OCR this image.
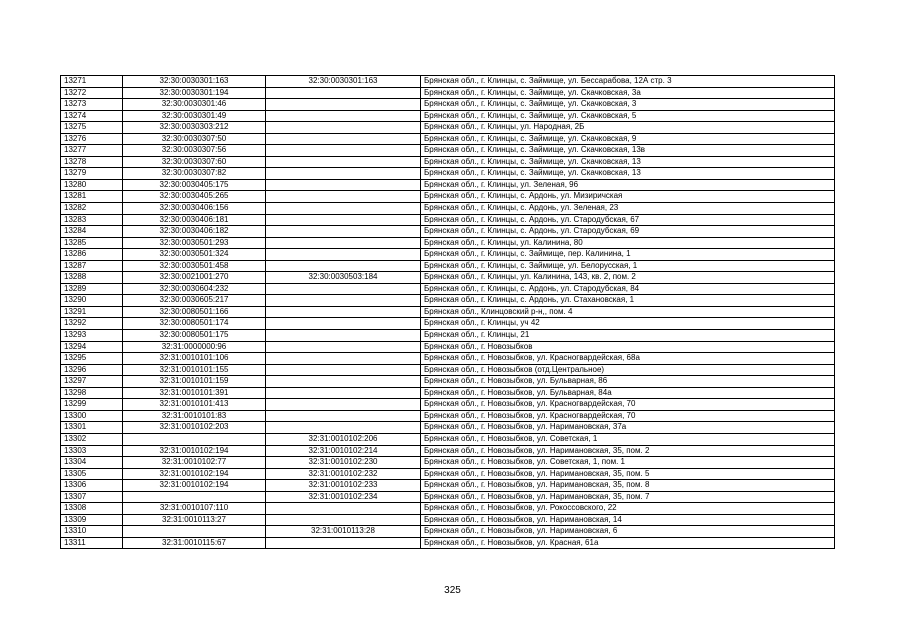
13271	32:30:0030301:163	32:30:0030301:163	Брянская обл., г. Клинцы, с. Займище, ул. Бессарабова, 12А стр. 3
13272	32:30:0030301:194		Брянская обл., г. Клинцы, с. Займище, ул. Скачковская, 3а
13273	32:30:0030301:46		Брянская обл., г. Клинцы, с. Займище, ул. Скачковская, 3
13274	32:30:0030301:49		Брянская обл., г. Клинцы, с. Займище, ул. Скачковская, 5
13275	32:30:0030303:212		Брянская обл., г. Клинцы, ул. Народная, 2Б
13276	32:30:0030307:50		Брянская обл., г. Клинцы, с. Займище, ул. Скачковская, 9
13277	32:30:0030307:56		Брянская обл., г. Клинцы, с. Займище, ул. Скачковская, 13в
13278	32:30:0030307:60		Брянская обл., г. Клинцы, с. Займище, ул. Скачковская, 13
13279	32:30:0030307:82		Брянская обл., г. Клинцы, с. Займище, ул. Скачковская, 13
13280	32:30:0030405:175		Брянская обл., г. Клинцы, ул. Зеленая, 96
13281	32:30:0030405:265		Брянская обл., г. Клинцы, с. Ардонь, ул. Мизиричская
13282	32:30:0030406:156		Брянская обл., г. Клинцы, с. Ардонь, ул. Зеленая, 23
13283	32:30:0030406:181		Брянская обл., г. Клинцы, с. Ардонь, ул. Стародубская, 67
13284	32:30:0030406:182		Брянская обл., г. Клинцы, с. Ардонь, ул. Стародубская, 69
13285	32:30:0030501:293		Брянская обл., г. Клинцы, ул. Калинина, 80
13286	32:30:0030501:324		Брянская обл., г. Клинцы, с. Займище, пер. Калинина, 1
13287	32:30:0030501:458		Брянская обл., г. Клинцы, с. Займище, ул. Белорусская, 1
13288	32:30:0021001:270	32:30:0030503:184	Брянская обл., г. Клинцы, ул. Калинина, 143, кв. 2, пом. 2
13289	32:30:0030604:232		Брянская обл., г. Клинцы, с. Ардонь, ул. Стародубская, 84
13290	32:30:0030605:217		Брянская обл., г. Клинцы, с. Ардонь, ул. Стахановская, 1
13291	32:30:0080501:166		Брянская обл., Клинцовский р-н,, пом. 4
13292	32:30:0080501:174		Брянская обл., г. Клинцы, уч 42
13293	32:30:0080501:175		Брянская обл., г. Клинцы, 21
13294	32:31:0000000:96		Брянская обл., г. Новозыбков
13295	32:31:0010101:106		Брянская обл., г. Новозыбков, ул. Красногвардейская, 68а
13296	32:31:0010101:155		Брянская обл., г. Новозыбков (отд.Центральное)
13297	32:31:0010101:159		Брянская обл., г. Новозыбков, ул. Бульварная, 86
13298	32:31:0010101:391		Брянская обл., г. Новозыбков, ул. Бульварная, 84а
13299	32:31:0010101:413		Брянская обл., г. Новозыбков, ул. Красногвардейская, 70
13300	32:31:0010101:83		Брянская обл., г. Новозыбков, ул. Красногвардейская, 70
13301	32:31:0010102:203		Брянская обл., г. Новозыбков, ул. Наримановская, 37а
13302		32:31:0010102:206	Брянская обл., г. Новозыбков, ул. Советская, 1
13303	32:31:0010102:194	32:31:0010102:214	Брянская обл., г. Новозыбков, ул. Наримановская, 35, пом. 2
13304	32:31:0010102:77	32:31:0010102:230	Брянская обл., г. Новозыбков, ул. Советская, 1, пом. 1
13305	32:31:0010102:194	32:31:0010102:232	Брянская обл., г. Новозыбков, ул. Наримановская, 35, пом. 5
13306	32:31:0010102:194	32:31:0010102:233	Брянская обл., г. Новозыбков, ул. Наримановская, 35, пом. 8
13307		32:31:0010102:234	Брянская обл., г. Новозыбков, ул. Наримановская, 35, пом. 7
13308	32:31:0010107:110		Брянская обл., г. Новозыбков, ул. Рокоссовского, 22
13309	32:31:0010113:27		Брянская обл., г. Новозыбков, ул. Наримановская, 14
13310		32:31:0010113:28	Брянская обл., г. Новозыбков, ул. Наримановская, 6
13311	32:31:0010115:67		Брянская обл., г. Новозыбков, ул. Красная, 61а
325
